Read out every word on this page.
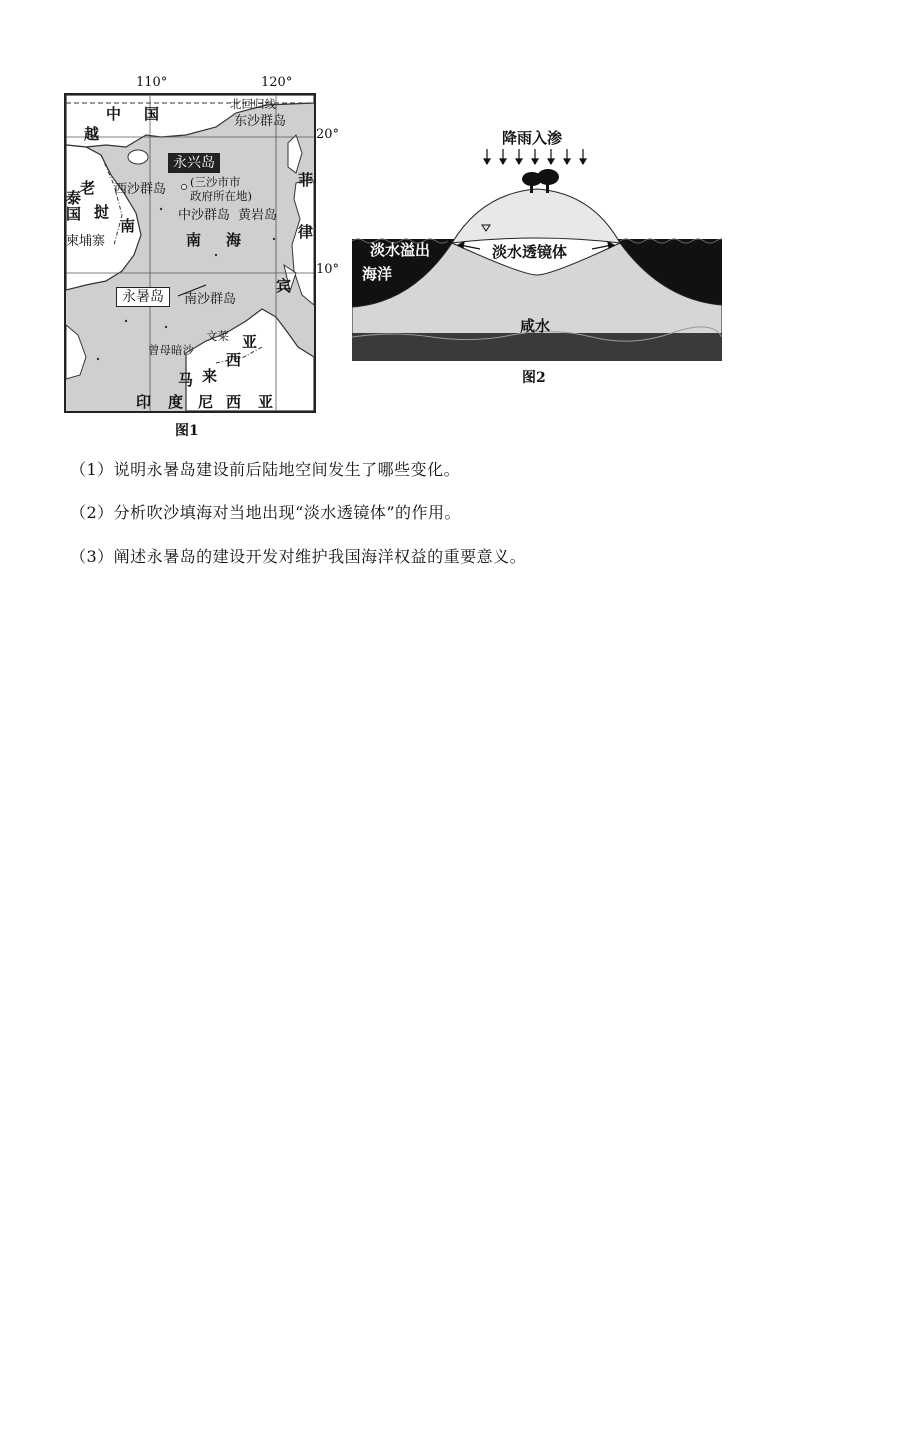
110°	120°
20°
10°
中 国
北回归线
东沙群岛
越
老
挝
泰
国
南
柬埔寨
永兴岛
西沙群岛 (三沙市市
政府所在地)
中沙群岛 黄岩岛
南 海
菲
律
宾
永暑岛	南沙群岛
文莱
曾母暗沙	亚
西
马 来
印 度 尼 西 亚
图1
降雨入渗
淡水透镜体
淡水溢出
海洋
咸水
图2
（1）说明永暑岛建设前后陆地空间发生了哪些变化。
（2）分析吹沙填海对当地出现“淡水透镜体”的作用。
（3）阐述永暑岛的建设开发对维护我国海洋权益的重要意义。
